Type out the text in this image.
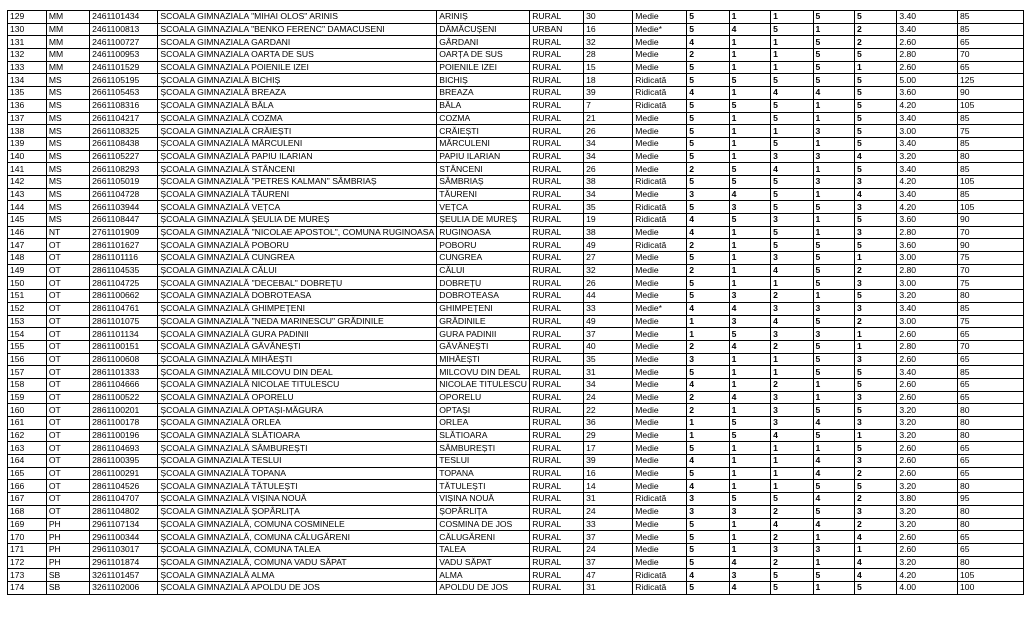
129	MM	2461101434	SCOALA GIMNAZIALA "MIHAI OLOS" ARINIS	ARINIȘ	RURAL	30	Medie	5	1	1	5	5	3.40	85
130	MM	2461100813	SCOALA GIMNAZIALA "BENKO FERENC" DAMACUSENI	DĂMĂCUȘENI	URBAN	16	Medie*	5	4	5	1	2	3.40	85
131	MM	2461100727	SCOALA GIMNAZIALA GARDANI	GÂRDANI	RURAL	32	Medie	4	1	1	5	2	2.60	65
132	MM	2461100953	SCOALA GIMNAZIALA OARTA DE SUS	OARȚA DE SUS	RURAL	28	Medie	2	1	1	5	5	2.80	70
133	MM	2461101529	SCOALA GIMNAZIALA POIENILE IZEI	POIENILE IZEI	RURAL	15	Medie	5	1	1	5	1	2.60	65
134	MS	2661105195	ȘCOALA GIMNAZIALĂ BICHIȘ	BICHIȘ	RURAL	18	Ridicată	5	5	5	5	5	5.00	125
135	MS	2661105453	ȘCOALA GIMNAZIALĂ BREAZA	BREAZA	RURAL	39	Ridicată	4	1	4	4	5	3.60	90
136	MS	2661108316	ȘCOALA GIMNAZIALĂ BĂLA	BĂLA	RURAL	7	Ridicată	5	5	5	1	5	4.20	105
137	MS	2661104217	ȘCOALA GIMNAZIALĂ COZMA	COZMA	RURAL	21	Medie	5	1	5	1	5	3.40	85
138	MS	2661108325	ȘCOALA GIMNAZIALĂ CRĂIEȘTI	CRĂIEȘTI	RURAL	26	Medie	5	1	1	3	5	3.00	75
139	MS	2661108438	ȘCOALA GIMNAZIALĂ MĂRCULENI	MĂRCULENI	RURAL	34	Medie	5	1	5	1	5	3.40	85
140	MS	2661105227	ȘCOALA GIMNAZIALĂ PAPIU ILARIAN	PAPIU ILARIAN	RURAL	34	Medie	5	1	3	3	4	3.20	80
141	MS	2661108293	ȘCOALA GIMNAZIALĂ STÂNCENI	STÂNCENI	RURAL	26	Medie	2	5	4	1	5	3.40	85
142	MS	2661105019	ȘCOALA GIMNAZIALĂ "PETRES KALMAN" SÂMBRIAȘ	SÂMBRIAȘ	RURAL	38	Ridicată	5	5	5	3	3	4.20	105
143	MS	2661104728	ȘCOALA GIMNAZIALĂ TĂURENI	TĂURENI	RURAL	34	Medie	3	4	5	1	4	3.40	85
144	MS	2661103944	ȘCOALA GIMNAZIALĂ VEȚCA	VEȚCA	RURAL	35	Ridicată	5	3	5	5	3	4.20	105
145	MS	2661108447	ȘCOALA GIMNAZIALĂ ȘEULIA DE MUREȘ	ȘEULIA DE MUREȘ	RURAL	19	Ridicată	4	5	3	1	5	3.60	90
146	NT	2761101909	ȘCOALA GIMNAZIALĂ "NICOLAE APOSTOL", COMUNA RUGINOASA	RUGINOASA	RURAL	38	Medie	4	1	5	1	3	2.80	70
147	OT	2861101627	ȘCOALA GIMNAZIALĂ POBORU	POBORU	RURAL	49	Ridicată	2	1	5	5	5	3.60	90
148	OT	2861101116	ȘCOALA GIMNAZIALĂ CUNGREA	CUNGREA	RURAL	27	Medie	5	1	3	5	1	3.00	75
149	OT	2861104535	ȘCOALA GIMNAZIALĂ CĂLUI	CĂLUI	RURAL	32	Medie	2	1	4	5	2	2.80	70
150	OT	2861104725	ȘCOALA GIMNAZIALĂ "DECEBAL" DOBREȚU	DOBREȚU	RURAL	26	Medie	5	1	1	5	3	3.00	75
151	OT	2861100662	ȘCOALA GIMNAZIALĂ DOBROTEASA	DOBROTEASA	RURAL	44	Medie	5	3	2	1	5	3.20	80
152	OT	2861104761	ȘCOALA GIMNAZIALĂ GHIMPEȚENI	GHIMPEȚENI	RURAL	33	Medie*	4	4	3	3	3	3.40	85
153	OT	2861101075	ȘCOALA GIMNAZIALĂ "NEDA MARINESCU" GRĂDINILE	GRĂDINILE	RURAL	49	Medie	1	3	4	5	2	3.00	75
154	OT	2861101134	ȘCOALA GIMNAZIALĂ GURA PADINII	GURA PADINII	RURAL	37	Medie	1	5	3	3	1	2.60	65
155	OT	2861100151	ȘCOALA GIMNAZIALĂ GĂVĂNEȘTI	GĂVĂNEȘTI	RURAL	40	Medie	2	4	2	5	1	2.80	70
156	OT	2861100608	ȘCOALA GIMNAZIALĂ MIHĂEȘTI	MIHĂEȘTI	RURAL	35	Medie	3	1	1	5	3	2.60	65
157	OT	2861101333	ȘCOALA GIMNAZIALĂ MILCOVU DIN DEAL	MILCOVU DIN DEAL	RURAL	31	Medie	5	1	1	5	5	3.40	85
158	OT	2861104666	ȘCOALA GIMNAZIALĂ NICOLAE TITULESCU	NICOLAE TITULESCU	RURAL	34	Medie	4	1	2	1	5	2.60	65
159	OT	2861100522	ȘCOALA GIMNAZIALĂ OPORELU	OPORELU	RURAL	24	Medie	2	4	3	1	3	2.60	65
160	OT	2861100201	ȘCOALA GIMNAZIALĂ OPTAȘI-MĂGURA	OPTAȘI	RURAL	22	Medie	2	1	3	5	5	3.20	80
161	OT	2861100178	ȘCOALA GIMNAZIALĂ ORLEA	ORLEA	RURAL	36	Medie	1	5	3	4	3	3.20	80
162	OT	2861100196	ȘCOALA GIMNAZIALĂ SLĂTIOARA	SLĂTIOARA	RURAL	29	Medie	1	5	4	5	1	3.20	80
163	OT	2861104693	ȘCOALA GIMNAZIALĂ SÂMBUREȘTI	SÂMBUREȘTI	RURAL	17	Medie	5	1	1	1	5	2.60	65
164	OT	2861100395	ȘCOALA GIMNAZIALĂ TESLUI	TESLUI	RURAL	39	Medie	4	1	1	4	3	2.60	65
165	OT	2861100291	ȘCOALA GIMNAZIALĂ TOPANA	TOPANA	RURAL	16	Medie	5	1	1	4	2	2.60	65
166	OT	2861104526	ȘCOALA GIMNAZIALĂ TĂTULEȘTI	TĂTULEȘTI	RURAL	14	Medie	4	1	1	5	5	3.20	80
167	OT	2861104707	ȘCOALA GIMNAZIALĂ VIȘINA NOUĂ	VIȘINA NOUĂ	RURAL	31	Ridicată	3	5	5	4	2	3.80	95
168	OT	2861104802	ȘCOALA GIMNAZIALĂ ȘOPÂRLIȚA	ȘOPÂRLIȚA	RURAL	24	Medie	3	3	2	5	3	3.20	80
169	PH	2961107134	ȘCOALA GIMNAZIALĂ, COMUNA COSMINELE	COSMINA DE JOS	RURAL	33	Medie	5	1	4	4	2	3.20	80
170	PH	2961100344	ȘCOALA GIMNAZIALĂ, COMUNA CĂLUGĂRENI	CĂLUGĂRENI	RURAL	37	Medie	5	1	2	1	4	2.60	65
171	PH	2961103017	ȘCOALA GIMNAZIALĂ, COMUNA TALEA	TALEA	RURAL	24	Medie	5	1	3	3	1	2.60	65
172	PH	2961101874	ȘCOALA GIMNAZIALĂ, COMUNA VADU SĂPAT	VADU SĂPAT	RURAL	37	Medie	5	4	2	1	4	3.20	80
173	SB	3261101457	ȘCOALA GIMNAZIALĂ ALMA	ALMA	RURAL	47	Ridicată	4	3	5	5	4	4.20	105
174	SB	3261102006	ȘCOALA GIMNAZIALĂ APOLDU DE JOS	APOLDU DE JOS	RURAL	31	Ridicată	5	4	5	1	5	4.00	100
